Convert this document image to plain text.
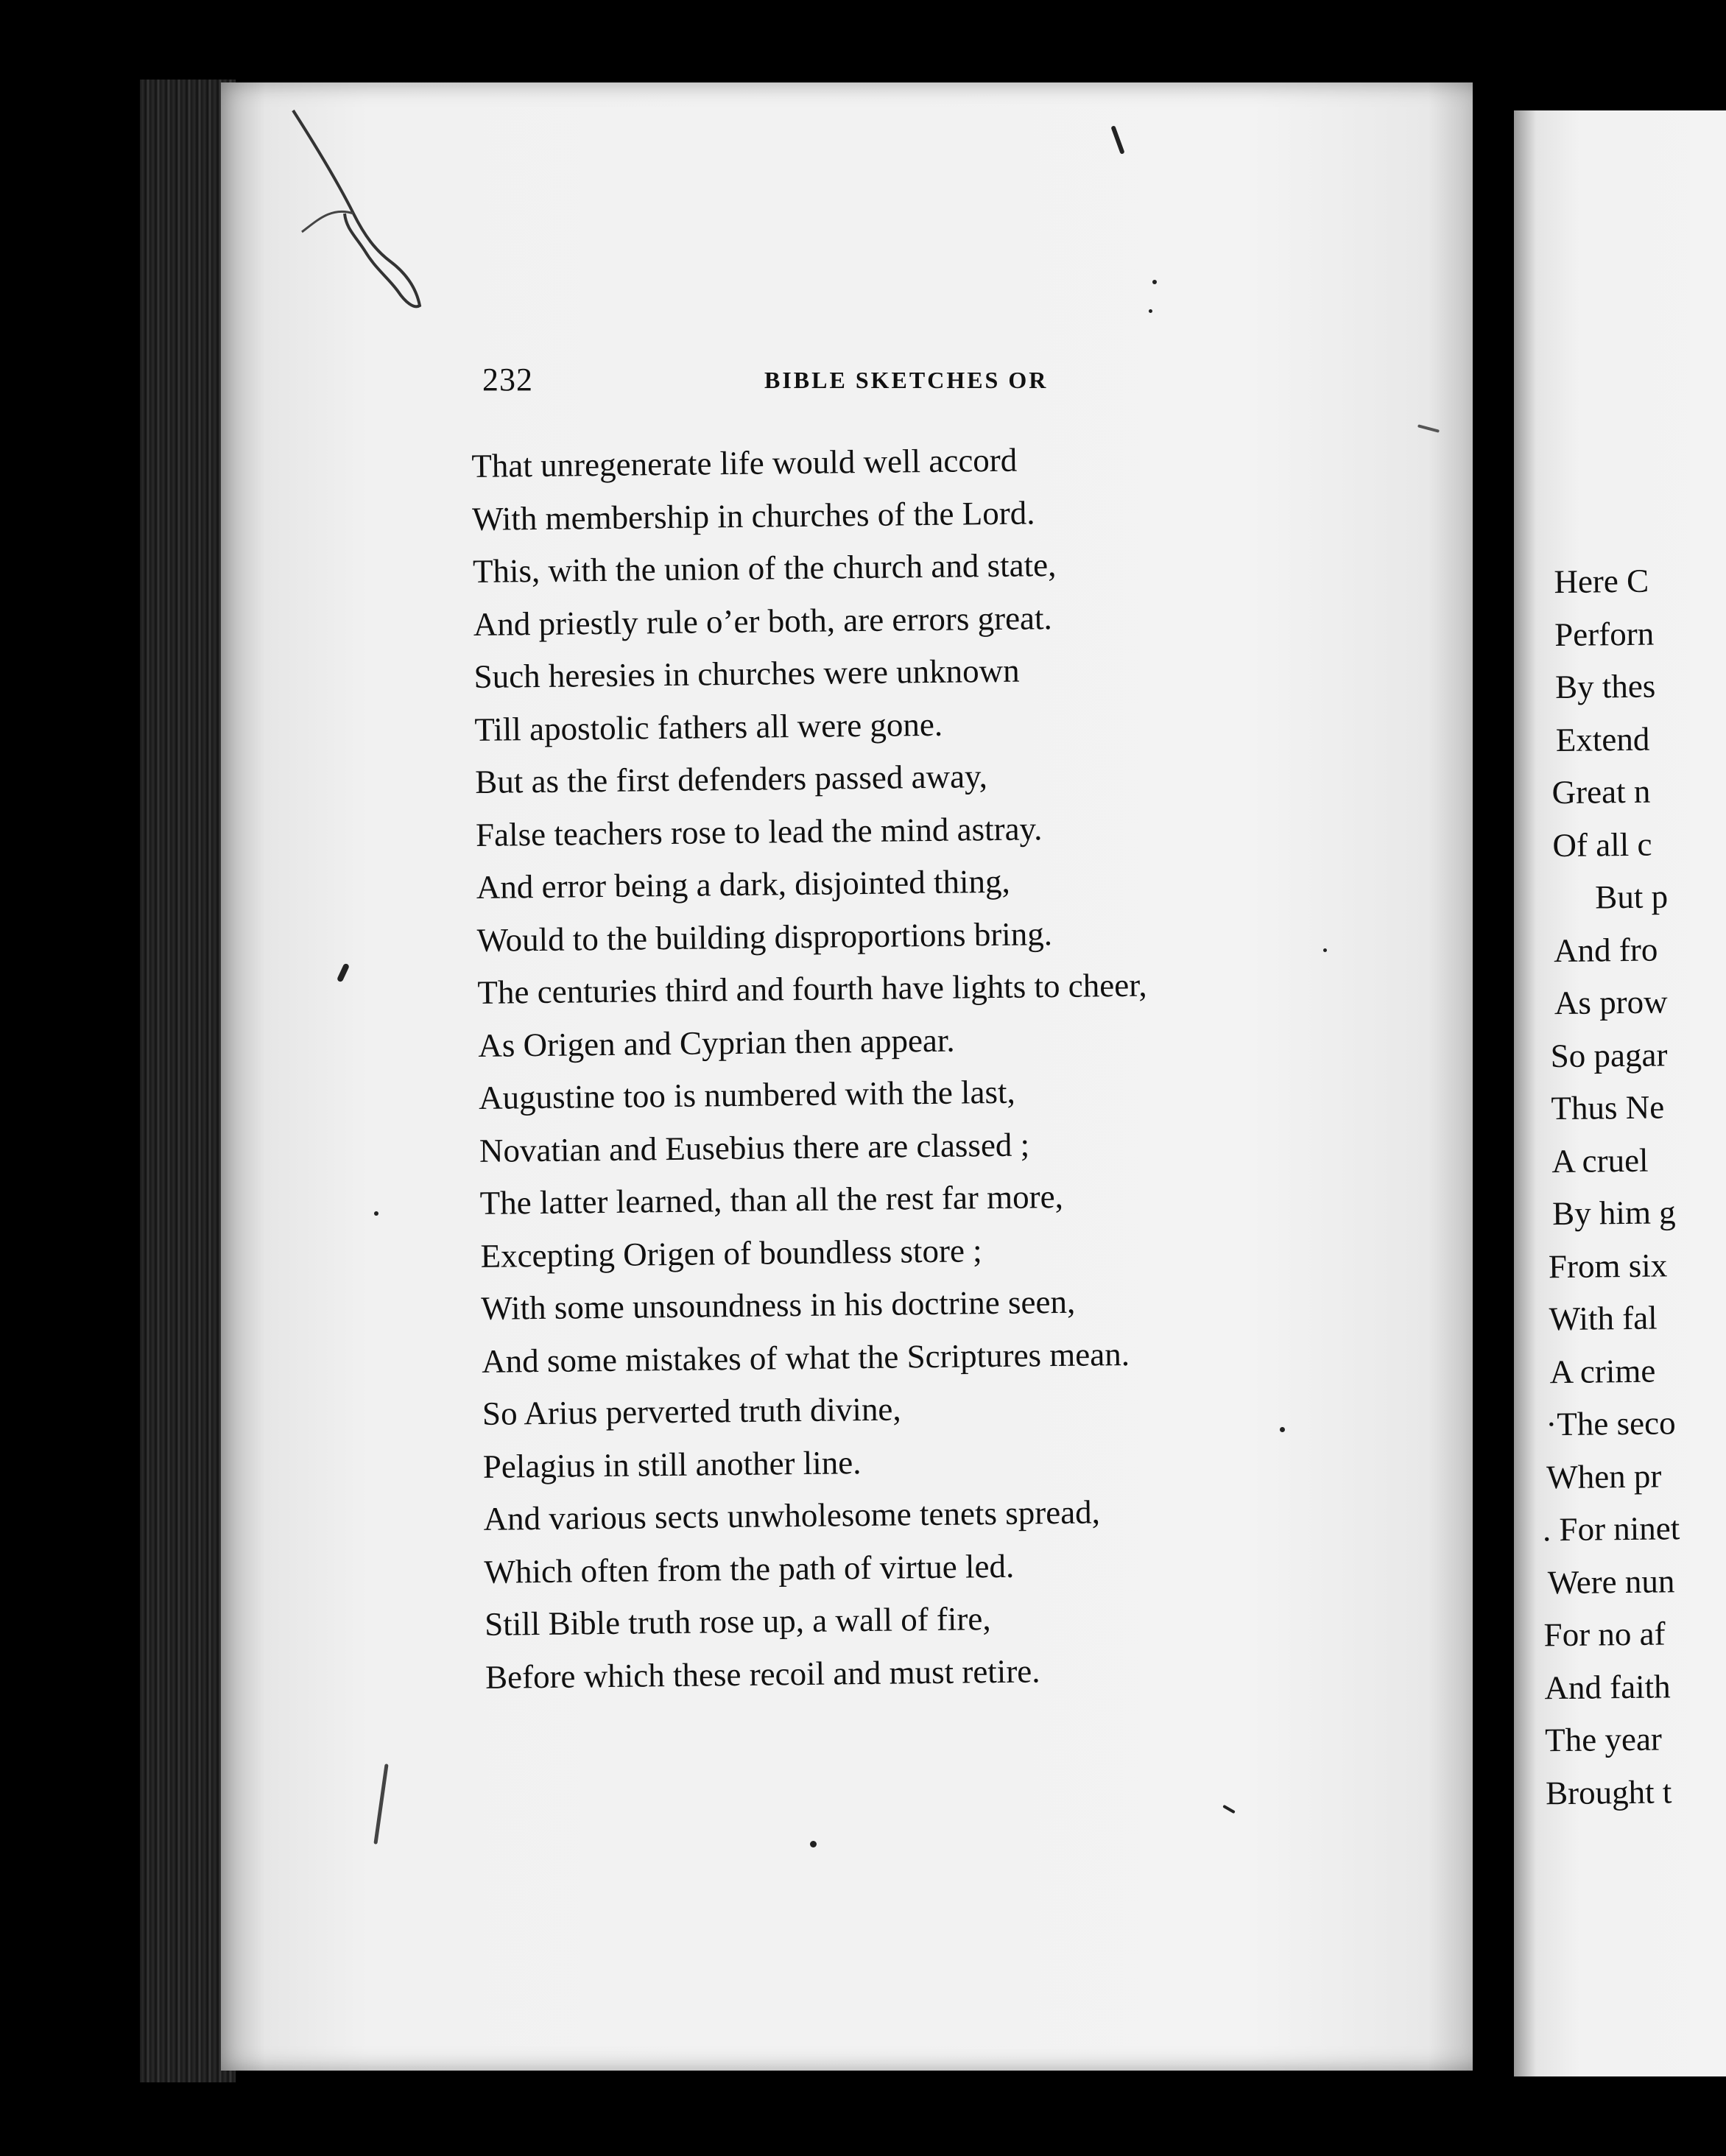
232	BIBLE SKETCHES OR
That unregenerate life would well accord
With membership in churches of the Lord.
This, with the union of the church and state,
And priestly rule o’er both, are errors great.
Such heresies in churches were unknown
Till apostolic fathers all were gone.
But as the first defenders passed away,
False teachers rose to lead the mind astray.
And error being a dark, disjointed thing,
Would to the building disproportions bring.
The centuries third and fourth have lights to cheer,
As Origen and Cyprian then appear.
Augustine too is numbered with the last,
Novatian and Eusebius there are classed ;
The latter learned, than all the rest far more,
Excepting Origen of boundless store ;
With some unsoundness in his doctrine seen,
And some mistakes of what the Scriptures mean.
So Arius perverted truth divine,
Pelagius in still another line.
And various sects unwholesome tenets spread,
Which often from the path of virtue led.
Still Bible truth rose up, a wall of fire,
Before which these recoil and must retire.
Here C
Perforn
By thes
Extend
Great n
Of all c
But p
And fro
As prow
So pagar
Thus Ne
A cruel
By him g
From six
With fal
A crime
·The seco
When pr
. For ninet
Were nun
For no af
And faith
The year
Brought t
